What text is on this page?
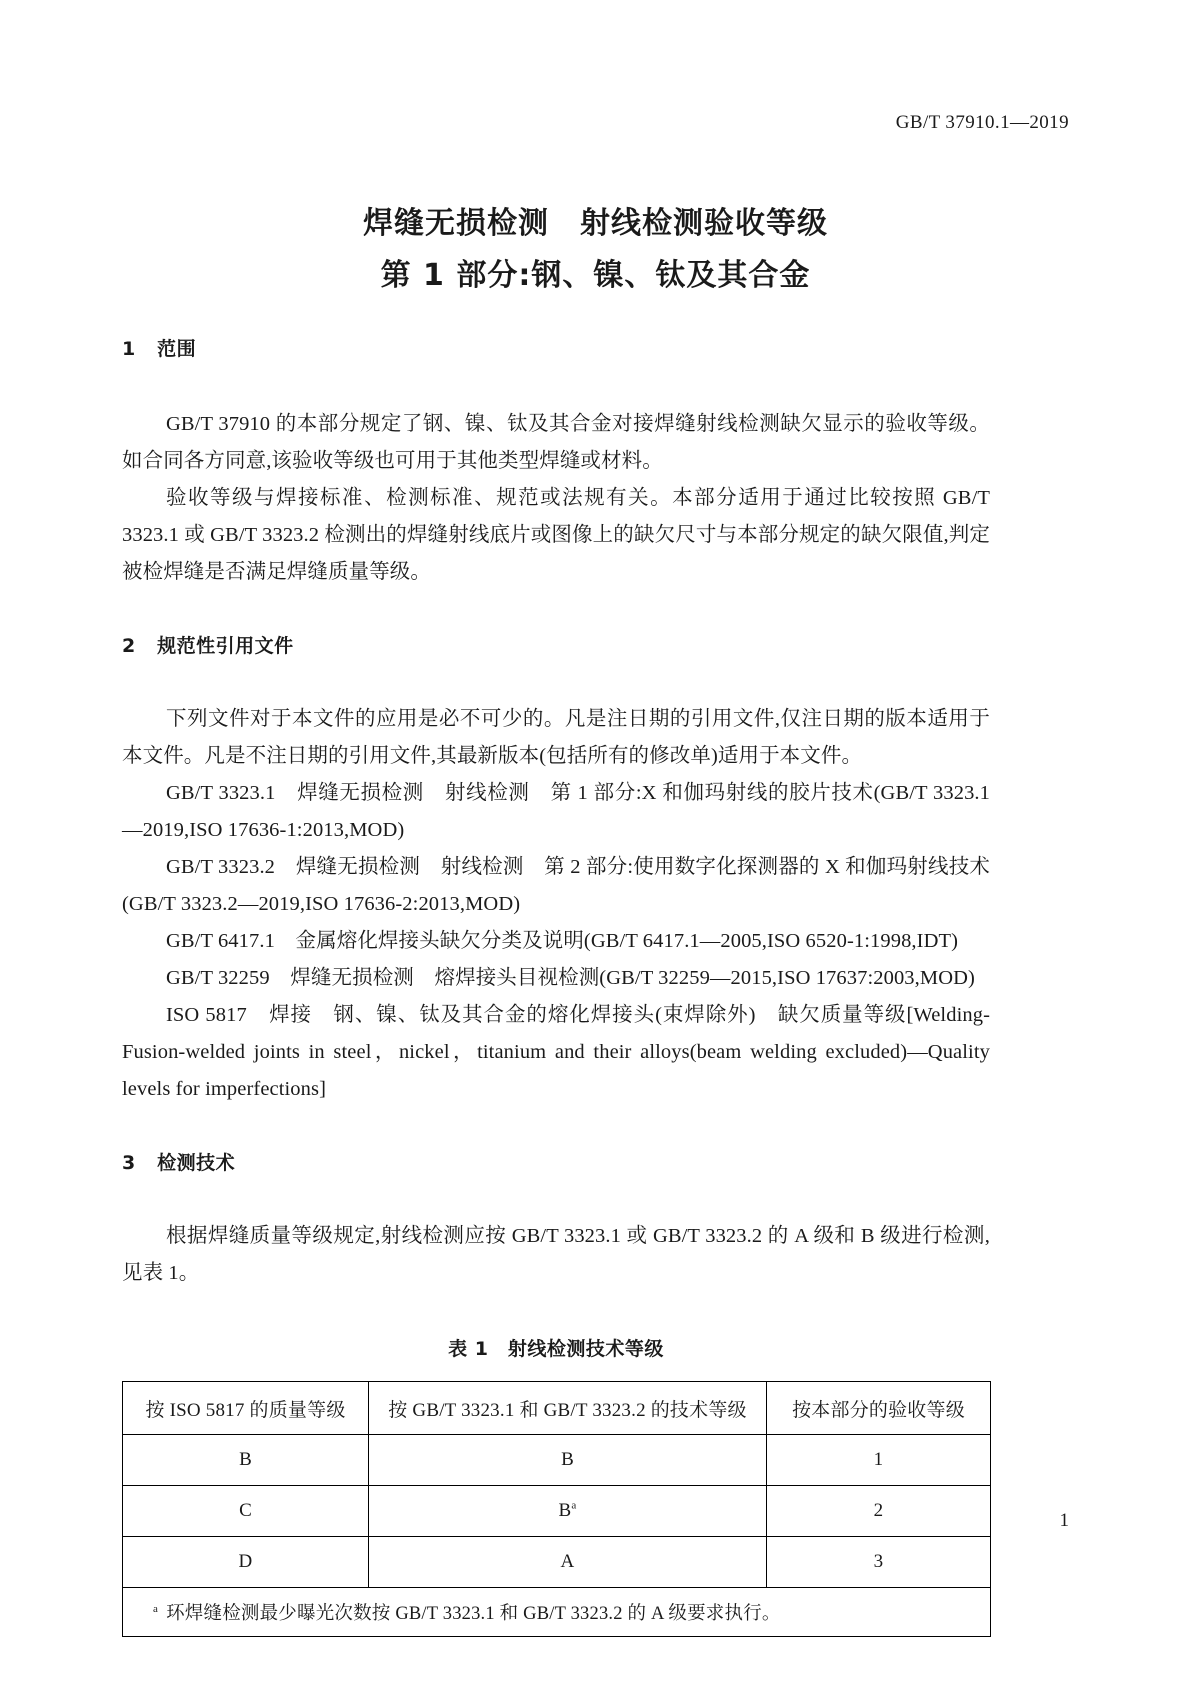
GB/T 37910.1—2019
焊缝无损检测　射线检测验收等级
第 1 部分:钢、镍、钛及其合金
1 范围

GB/T 37910 的本部分规定了钢、镍、钛及其合金对接焊缝射线检测缺欠显示的验收等级。如合同各方同意,该验收等级也可用于其他类型焊缝或材料。

验收等级与焊接标准、检测标准、规范或法规有关。本部分适用于通过比较按照 GB/T 3323.1 或 GB/T 3323.2 检测出的焊缝射线底片或图像上的缺欠尺寸与本部分规定的缺欠限值,判定被检焊缝是否满足焊缝质量等级。

2 规范性引用文件

下列文件对于本文件的应用是必不可少的。凡是注日期的引用文件,仅注日期的版本适用于本文件。凡是不注日期的引用文件,其最新版本(包括所有的修改单)适用于本文件。

GB/T 3323.1　焊缝无损检测　射线检测　第 1 部分:X 和伽玛射线的胶片技术(GB/T 3323.1—2019,ISO 17636-1:2013,MOD)

GB/T 3323.2　焊缝无损检测　射线检测　第 2 部分:使用数字化探测器的 X 和伽玛射线技术(GB/T 3323.2—2019,ISO 17636-2:2013,MOD)

GB/T 6417.1　金属熔化焊接头缺欠分类及说明(GB/T 6417.1—2005,ISO 6520-1:1998,IDT)

GB/T 32259　焊缝无损检测　熔焊接头目视检测(GB/T 32259—2015,ISO 17637:2003,MOD)

ISO 5817　焊接　钢、镍、钛及其合金的熔化焊接头(束焊除外)　缺欠质量等级[Welding-Fusion-welded joints in steel，nickel，titanium and their alloys(beam welding excluded)—Quality levels for imperfections]

3 检测技术

根据焊缝质量等级规定,射线检测应按 GB/T 3323.1 或 GB/T 3323.2 的 A 级和 B 级进行检测,见表 1。

表 1　射线检测技术等级
按 ISO 5817 的质量等级	按 GB/T 3323.1 和 GB/T 3323.2 的技术等级	按本部分的验收等级
B	B	1
C	B$^a$	2
D	A	3
$^a$ 环焊缝检测最少曝光次数按 GB/T 3323.1 和 GB/T 3323.2 的 A 级要求执行。		
1
